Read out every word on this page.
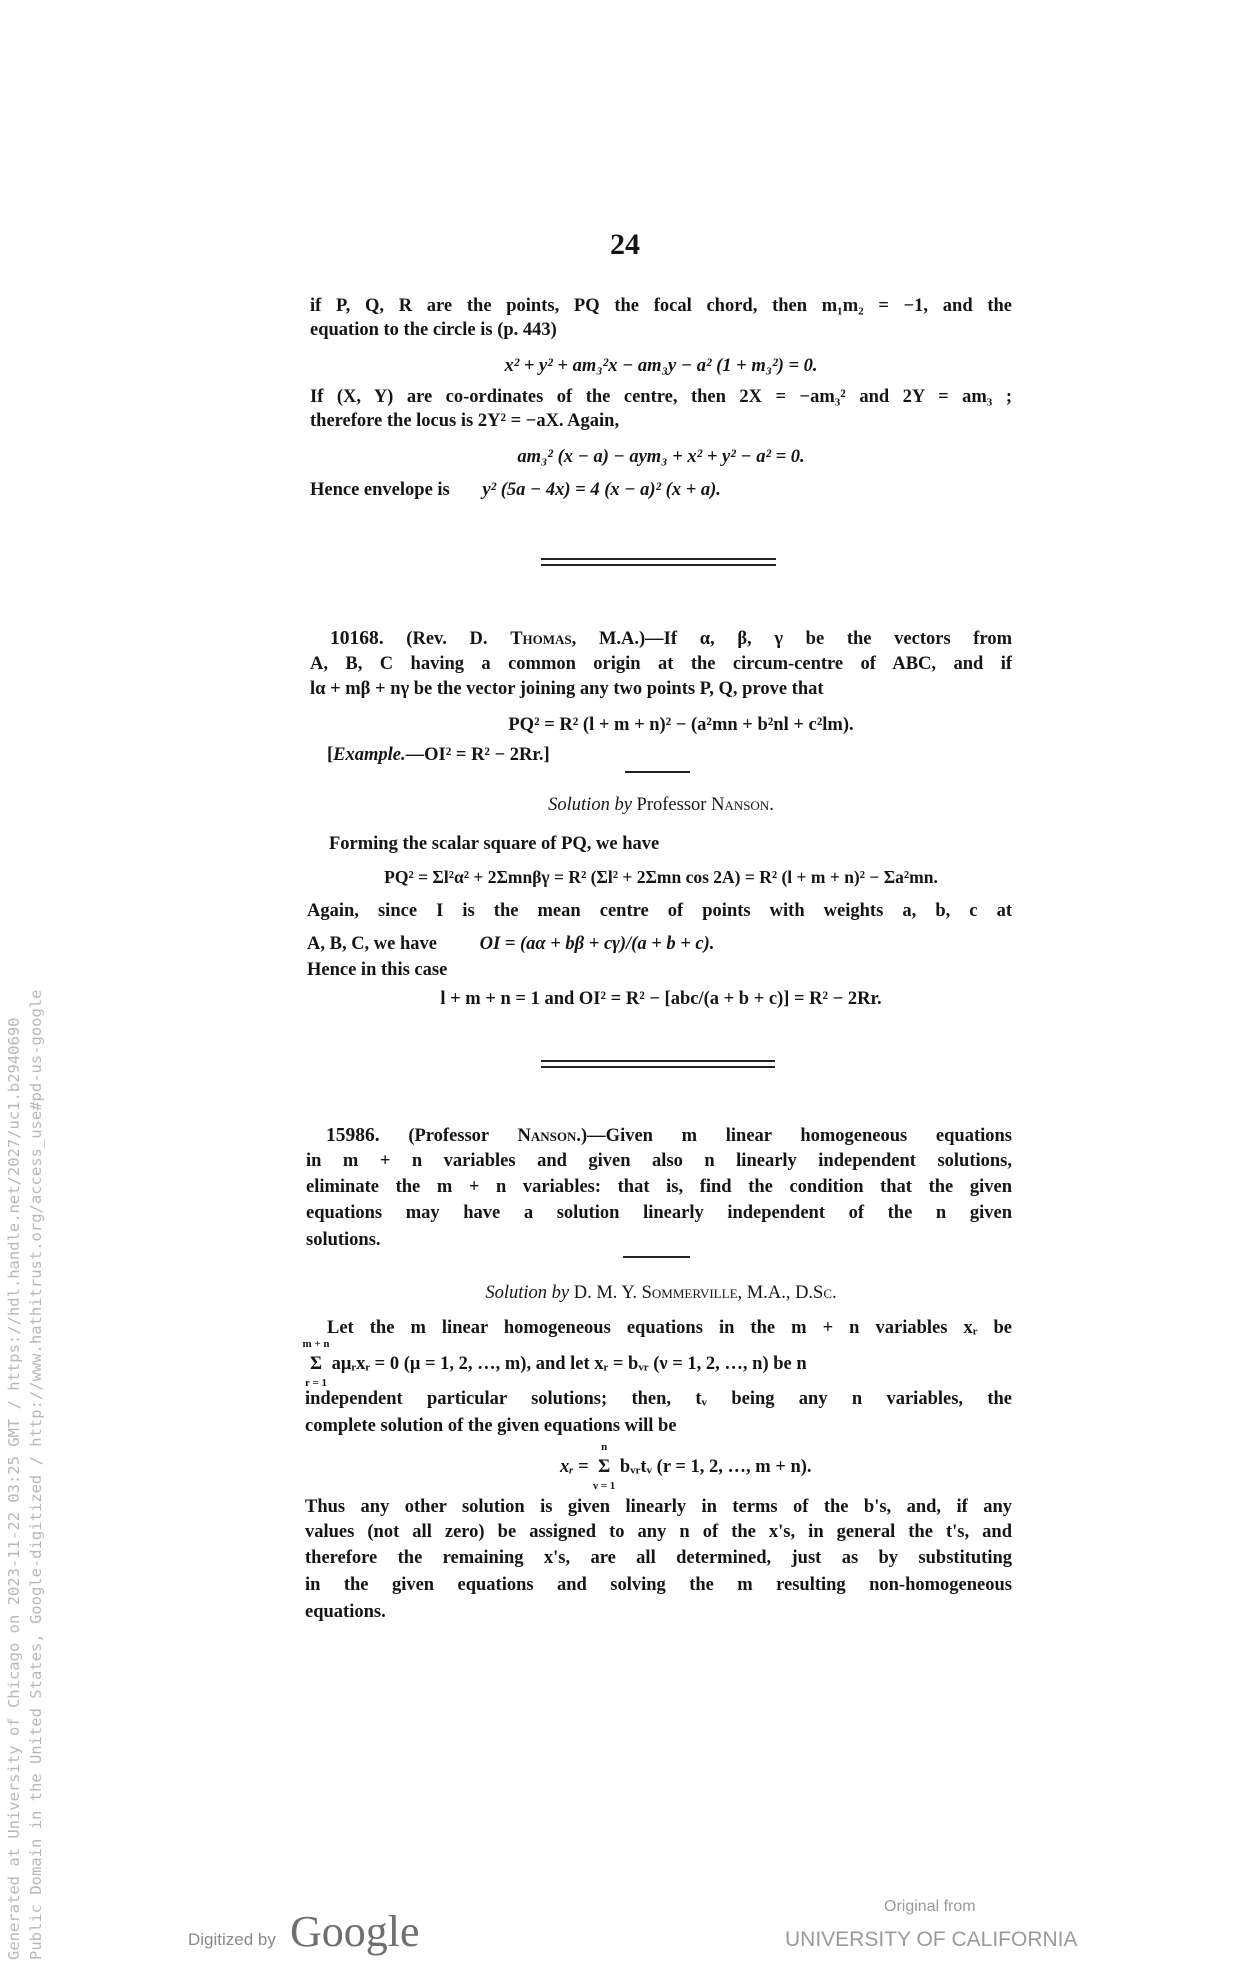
24
if P, Q, R are the points, PQ the focal chord, then m₁m₂ = −1, and the
equation to the circle is (p. 443)
x² + y² + am₃²x − am₃y − a² (1 + m₃²) = 0.
If (X, Y) are co-ordinates of the centre, then 2X = −am₃² and 2Y = am₃ ;
therefore the locus is 2Y² = −aX. Again,
am₃² (x − a) − aym₃ + x² + y² − a² = 0.
Hence envelope is y² (5a − 4x) = 4 (x − a)² (x + a).
10168. (Rev. D. Thomas, M.A.)—If α, β, γ be the vectors from
A, B, C having a common origin at the circum-centre of ABC, and if
lα + mβ + nγ be the vector joining any two points P, Q, prove that
PQ² = R² (l + m + n)² − (a²mn + b²nl + c²lm).
[Example.—OI² = R² − 2Rr.]
Solution by Professor Nanson.
Forming the scalar square of PQ, we have
PQ² = Σl²α² + 2Σmnβγ = R² (Σl² + 2Σmn cos 2A) = R² (l + m + n)² − Σa²mn.
Again, since I is the mean centre of points with weights a, b, c at
A, B, C, we have OI = (aα + bβ + cγ)/(a + b + c).
Hence in this case
l + m + n = 1 and OI² = R² − [abc/(a + b + c)] = R² − 2Rr.
15986. (Professor Nanson.)—Given m linear homogeneous equations
in m + n variables and given also n linearly independent solutions,
eliminate the m + n variables: that is, find the condition that the given
equations may have a solution linearly independent of the n given
solutions.
Solution by D. M. Y. Sommerville, M.A., D.Sc.
Let the m linear homogeneous equations in the m + n variables xᵣ be
m + n
Σ
r = 1
aμᵣxᵣ = 0 (μ = 1, 2, …, m), and let xᵣ = bᵥᵣ (ν = 1, 2, …, n) be n
independent particular solutions; then, tᵥ being any n variables, the
complete solution of the given equations will be
xᵣ =
n
Σ
ν = 1
bᵥᵣtᵥ (r = 1, 2, …, m + n).
Thus any other solution is given linearly in terms of the b's, and, if any
values (not all zero) be assigned to any n of the x's, in general the t's, and
therefore the remaining x's, are all determined, just as by substituting
in the given equations and solving the m resulting non-homogeneous
equations.
Generated at University of Chicago on 2023-11-22 03:25 GMT / https://hdl.handle.net/2027/uc1.b2940690 Public Domain in the United States, Google-digitized / http://www.hathitrust.org/access_use#pd-us-google	Digitized by Google
Original from
UNIVERSITY OF CALIFORNIA
